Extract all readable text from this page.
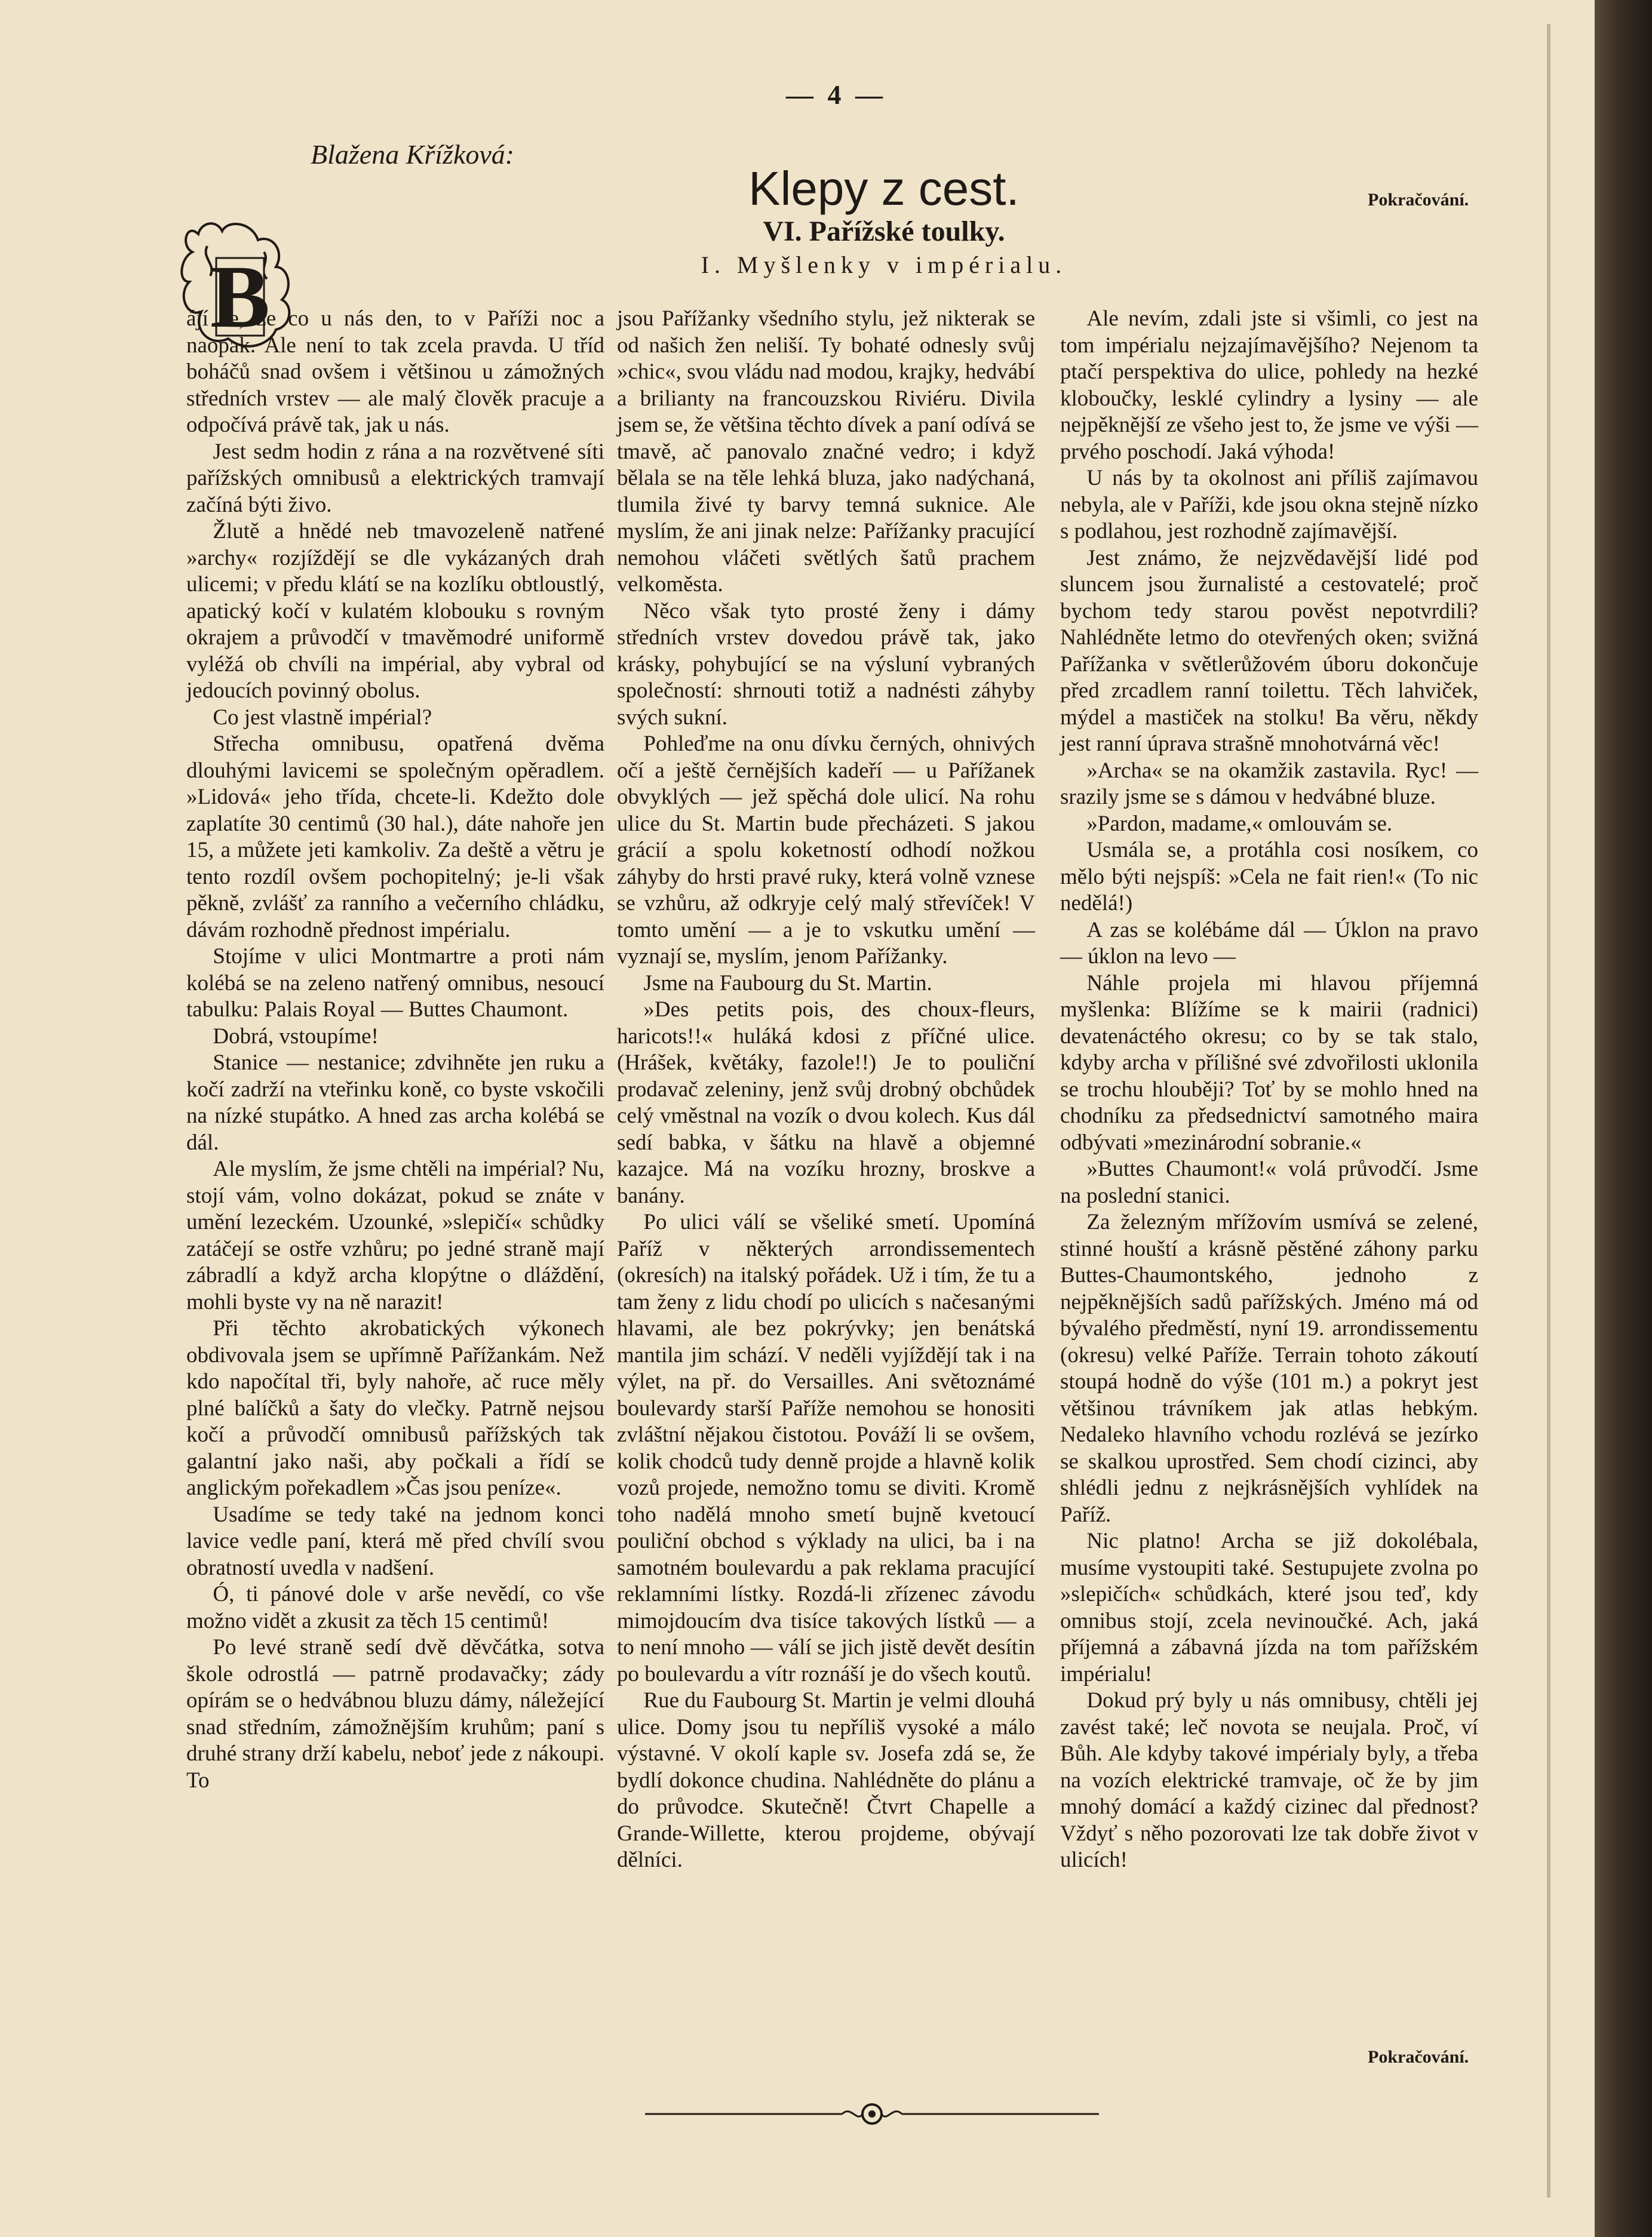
— 4 —
Blažena Křížková:
Klepy z cest.
VI. Pařížské toulky.
I. Myšlenky v impérialu.
Pokračování.
B

ájí se, že co u nás den, to v Paříži noc a naopak. Ale není to tak zcela pravda. U tříd boháčů snad ovšem i většinou u zámožných středních vrstev — ale malý člověk pracuje a odpočívá právě tak, jak u nás.

Jest sedm hodin z rána a na rozvětvené síti pařížských omnibusů a elektrických tramvají začíná býti živo.

Žlutě a hnědé neb tmavozeleně natřené »archy« rozjíždějí se dle vykázaných drah ulicemi; v předu klátí se na kozlíku obtloustlý, apatický kočí v kulatém klobouku s rovným okrajem a průvodčí v tmavěmodré uniformě vyléžá ob chvíli na impérial, aby vybral od jedoucích povinný obolus.

Co jest vlastně impérial?

Střecha omnibusu, opatřená dvěma dlouhými lavicemi se společným opěradlem. »Lidová« jeho třída, chcete-li. Kdežto dole zaplatíte 30 centimů (30 hal.), dáte nahoře jen 15, a můžete jeti kamkoliv. Za deště a větru je tento rozdíl ovšem pochopitelný; je-li však pěkně, zvlášť za ranního a večerního chládku, dávám rozhodně přednost impérialu.

Stojíme v ulici Montmartre a proti nám kolébá se na zeleno natřený omnibus, nesoucí tabulku: Palais Royal — Buttes Chaumont.

Dobrá, vstoupíme!

Stanice — nestanice; zdvihněte jen ruku a kočí zadrží na vteřinku koně, co byste vskočili na nízké stupátko. A hned zas archa kolébá se dál.

Ale myslím, že jsme chtěli na impérial? Nu, stojí vám, volno dokázat, pokud se znáte v umění lezeckém. Uzounké, »slepičí« schůdky zatáčejí se ostře vzhůru; po jedné straně mají zábradlí a když archa klopýtne o dláždění, mohli byste vy na ně narazit!

Při těchto akrobatických výkonech obdivovala jsem se upřímně Pařížankám. Než kdo napočítal tři, byly nahoře, ač ruce měly plné balíčků a šaty do vlečky. Patrně nejsou kočí a průvodčí omnibusů pařížských tak galantní jako naši, aby počkali a řídí se anglickým pořekadlem »Čas jsou peníze«.

Usadíme se tedy také na jednom konci lavice vedle paní, která mě před chvílí svou obratností uvedla v nadšení.

Ó, ti pánové dole v arše nevědí, co vše možno vidět a zkusit za těch 15 centimů!

Po levé straně sedí dvě děvčátka, sotva škole odrostlá — patrně prodavačky; zády opírám se o hedvábnou bluzu dámy, náležející snad středním, zámožnějším kruhům; paní s druhé strany drží kabelu, neboť jede z nákoupi. To

jsou Pařížanky všedního stylu, jež nikterak se od našich žen neliší. Ty bohaté odnesly svůj »chic«, svou vládu nad modou, krajky, hedvábí a brilianty na francouzskou Riviéru. Divila jsem se, že většina těchto dívek a paní odívá se tmavě, ač panovalo značné vedro; i když bělala se na těle lehká bluza, jako nadýchaná, tlumila živé ty barvy temná suknice. Ale myslím, že ani jinak nelze: Pařížanky pracující nemohou vláčeti světlých šatů prachem velkoměsta.

Něco však tyto prosté ženy i dámy středních vrstev dovedou právě tak, jako krásky, pohybující se na výsluní vybraných společností: shrnouti totiž a nadnésti záhyby svých sukní.

Pohleďme na onu dívku černých, ohnivých očí a ještě černějších kadeří — u Pařížanek obvyklých — jež spěchá dole ulicí. Na rohu ulice du St. Martin bude přecházeti. S jakou grácií a spolu koketností odhodí nožkou záhyby do hrsti pravé ruky, která volně vznese se vzhůru, až odkryje celý malý střevíček! V tomto umění — a je to vskutku umění — vyznají se, myslím, jenom Pařížanky.

Jsme na Faubourg du St. Martin.

»Des petits pois, des choux-fleurs, haricots!!« huláká kdosi z příčné ulice. (Hrášek, květáky, fazole!!) Je to pouliční prodavač zeleniny, jenž svůj drobný obchůdek celý vměstnal na vozík o dvou kolech. Kus dál sedí babka, v šátku na hlavě a objemné kazajce. Má na vozíku hrozny, broskve a banány.

Po ulici válí se všeliké smetí. Upomíná Paříž v některých arrondissementech (okresích) na italský pořádek. Už i tím, že tu a tam ženy z lidu chodí po ulicích s načesanými hlavami, ale bez pokrývky; jen benátská mantila jim schází. V neděli vyjíždějí tak i na výlet, na př. do Versailles. Ani světoznámé boulevardy starší Paříže nemohou se honositi zvláštní nějakou čistotou. Pováží li se ovšem, kolik chodců tudy denně projde a hlavně kolik vozů projede, nemožno tomu se diviti. Kromě toho nadělá mnoho smetí bujně kvetoucí pouliční obchod s výklady na ulici, ba i na samotném boulevardu a pak reklama pracující reklamními lístky. Rozdá-li zřízenec závodu mimojdoucím dva tisíce takových lístků — a to není mnoho — válí se jich jistě devět desítin po boulevardu a vítr roznáší je do všech koutů.

Rue du Faubourg St. Martin je velmi dlouhá ulice. Domy jsou tu nepříliš vysoké a málo výstavné. V okolí kaple sv. Josefa zdá se, že bydlí dokonce chudina. Nahlédněte do plánu a do průvodce. Skutečně! Čtvrt Chapelle a Grande-Willette, kterou projdeme, obývají dělníci.

Ale nevím, zdali jste si všimli, co jest na tom impérialu nejzajímavějšího? Nejenom ta ptačí perspektiva do ulice, pohledy na hezké kloboučky, lesklé cylindry a lysiny — ale nejpěknější ze všeho jest to, že jsme ve výši — prvého poschodí. Jaká výhoda!

U nás by ta okolnost ani příliš zajímavou nebyla, ale v Paříži, kde jsou okna stejně nízko s podlahou, jest rozhodně zajímavější.

Jest známo, že nejzvědavější lidé pod sluncem jsou žurnalisté a cestovatelé; proč bychom tedy starou pověst nepotvrdili? Nahlédněte letmo do otevřených oken; svižná Pařížanka v světlerůžovém úboru dokončuje před zrcadlem ranní toilettu. Těch lahviček, mýdel a mastiček na stolku! Ba věru, někdy jest ranní úprava strašně mnohotvárná věc!

»Archa« se na okamžik zastavila. Ryc! — srazily jsme se s dámou v hedvábné bluze.

»Pardon, madame,« omlouvám se.

Usmála se, a protáhla cosi nosíkem, co mělo býti nejspíš: »Cela ne fait rien!« (To nic nedělá!)

A zas se kolébáme dál — Úklon na pravo — úklon na levo —

Náhle projela mi hlavou příjemná myšlenka: Blížíme se k mairii (radnici) devatenáctého okresu; co by se tak stalo, kdyby archa v přílišné své zdvořilosti uklonila se trochu hlouběji? Toť by se mohlo hned na chodníku za předsednictví samotného maira odbývati »mezinárodní sobranie.«

»Buttes Chaumont!« volá průvodčí. Jsme na poslední stanici.

Za železným mřížovím usmívá se zelené, stinné houští a krásně pěstěné záhony parku Buttes-Chaumontského, jednoho z nejpěknějších sadů pařížských. Jméno má od bývalého předměstí, nyní 19. arrondissementu (okresu) velké Paříže. Terrain tohoto zákoutí stoupá hodně do výše (101 m.) a pokryt jest většinou trávníkem jak atlas hebkým. Nedaleko hlavního vchodu rozlévá se jezírko se skalkou uprostřed. Sem chodí cizinci, aby shlédli jednu z nejkrásnějších vyhlídek na Paříž.

Nic platno! Archa se již dokolébala, musíme vystoupiti také. Sestupujete zvolna po »slepičích« schůdkách, které jsou teď, kdy omnibus stojí, zcela nevinoučké. Ach, jaká příjemná a zábavná jízda na tom pařížském impérialu!

Dokud prý byly u nás omnibusy, chtěli jej zavést také; leč novota se neujala. Proč, ví Bůh. Ale kdyby takové impérialy byly, a třeba na vozích elektrické tramvaje, oč že by jim mnohý domácí a každý cizinec dal přednost? Vždyť s něho pozorovati lze tak dobře život v ulicích!

Pokračování.
